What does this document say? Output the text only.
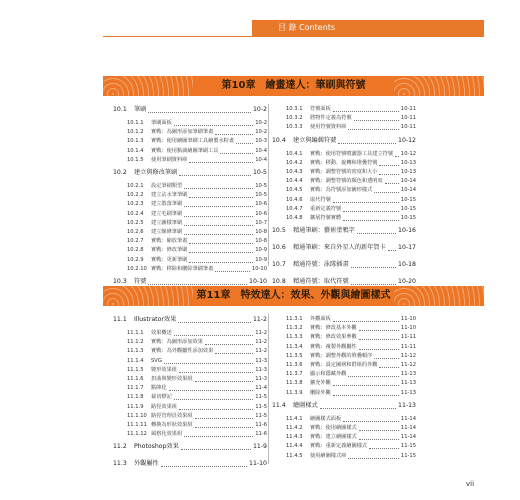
目 錄 Contents
第10章　繪畫達人：筆刷與符號
10.1 筆刷	10-2
10.1.1 筆刷面板	10-2
10.1.2 實戰：為圖形添加筆刷筆畫	10-2
10.1.3 實戰：使用繪圖筆刷工具繪製水粉畫	10-3
10.1.4 實戰：使用點滴繪圖筆刷工具	10-4
10.1.5 使用筆刷資料庫	10-4
10.2 建立與修改筆刷	10-5
10.2.1 設定筆刷類型	10-5
10.2.2 建立沾水筆筆刷	10-5
10.2.3 建立散落筆刷	10-6
10.2.4 建立毛刷筆刷	10-6
10.2.5 建立圖樣筆刷	10-7
10.2.6 建立線條筆刷	10-8
10.2.7 實戰：縮放筆畫	10-8
10.2.8 實戰：修改筆刷	10-9
10.2.9 實戰：更新筆刷	10-9
10.2.10 實戰：移除和刪除筆刷筆畫	10-10
10.3 符號	10-10
10.3.1 符號面板	10-11
10.3.2 將物件定義為符號	10-11
10.3.3 使用符號資料庫	10-11
10.4 建立與編輯符號	10-12
10.4.1 實戰：使用符號噴灑器工具建立符號 10-12
10.4.2 實戰：移動、旋轉和堆疊符號	10-13
10.4.3 實戰：調整符號的密度和大小	10-13
10.4.4 實戰：調整符號的顏色和透明度	10-14
10.4.5 實戰：為符號添加圖形樣式	10-14
10.4.6 取代符號	10-15
10.4.7 重新定義符號	10-15
10.4.8 擴展符號實體	10-15
10.5 精通筆刷：藝術塗鴉字	10-16
10.6 精通筆刷：來自外星人的新年賀卡 10-17
10.7 精通符號：泳隊插畫	10-18
10.8 精通符號：取代符號	10-20
第11章　特效達人：效果、外觀與繪圖樣式
11.1 Illustrator效果	11-2
11.1.1 效果概述	11-2
11.1.2 實戰：為圖形添加效果	11-2
11.1.3 實戰：為外觀屬性添加效果	11-2
11.1.4 SVG	11-3
11.1.5 變形效果組	11-3
11.1.6 扭曲與變形效果組	11-3
11.1.7 點陣化	11-4
11.1.8 裁切標記	11-5
11.1.9 路徑效果組	11-5
11.1.10 路徑管理員效果組	11-5
11.1.11 轉換為形狀效果組	11-6
11.1.12 風格化效果組	11-6
11.2 Photoshop效果	11-9
11.3 外觀屬性	11-10
11.3.1 外觀面板	11-10
11.3.2 實戰：修改基本外觀	11-10
11.3.3 實戰：修改效果參數	11-11
11.3.4 實戰：複製外觀屬性	11-11
11.3.5 實戰：調整外觀的堆疊順序	11-12
11.3.6 實戰：設定圖層和群組的外觀	11-12
11.3.7 顯示和隱藏外觀	11-13
11.3.8 擴充外觀	11-13
11.3.9 刪除外觀	11-13
11.4 繪圖樣式	11-13
11.4.1 繪圖樣式面板	11-14
11.4.2 實戰：使用繪圖樣式	11-14
11.4.3 實戰：建立繪圖樣式	11-14
11.4.4 實戰：重新定義繪圖樣式	11-15
11.4.5 使用繪圖樣式庫	11-15
vii
